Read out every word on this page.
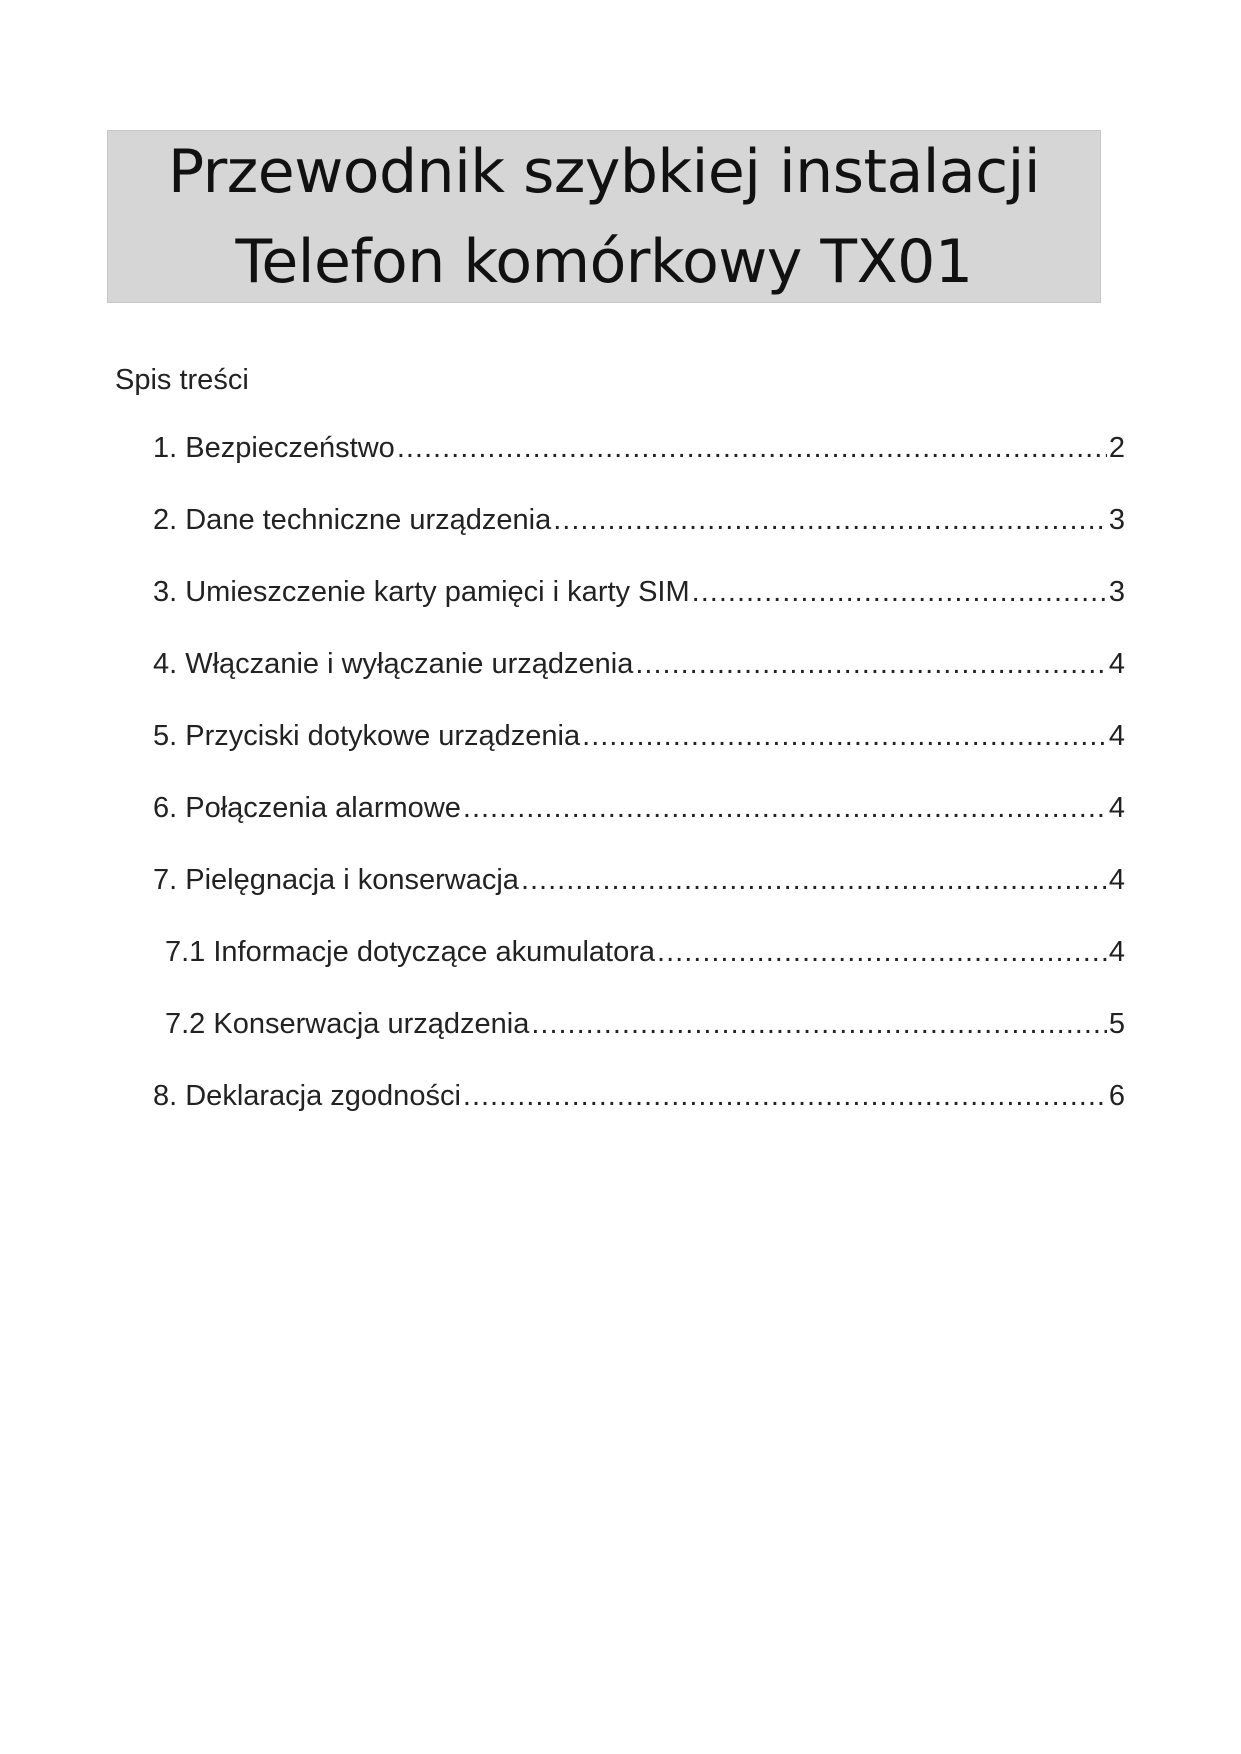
Przewodnik szybkiej instalacji
Telefon komórkowy TX01
Spis treści
1. Bezpieczeństwo .....	2
2. Dane techniczne urządzenia .....	3
3. Umieszczenie karty pamięci i karty SIM .....	3
4. Włączanie i wyłączanie urządzenia .....	4
5. Przyciski dotykowe urządzenia .....	4
6. Połączenia alarmowe .....	4
7. Pielęgnacja i konserwacja .....	4
7.1 Informacje dotyczące akumulatora .....	4
7.2 Konserwacja urządzenia .....	5
8. Deklaracja zgodności .....	6
